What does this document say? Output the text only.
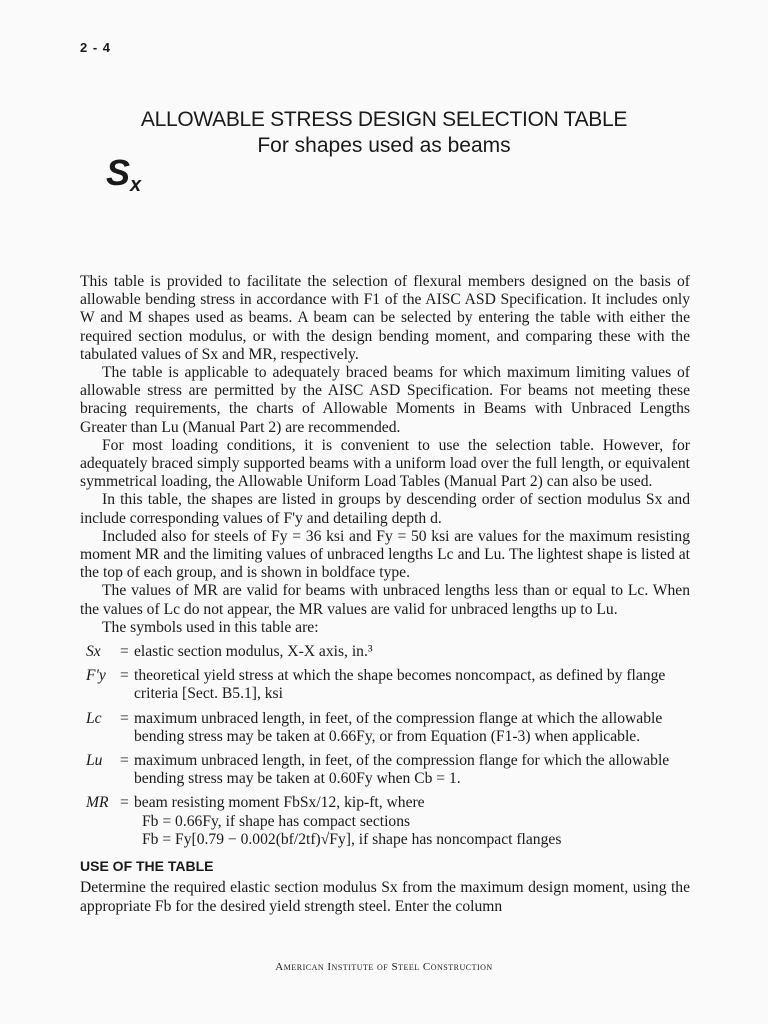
2 - 4
ALLOWABLE STRESS DESIGN SELECTION TABLE
For shapes used as beams
$S_x$

This table is provided to facilitate the selection of flexural members designed on the basis of allowable bending stress in accordance with F1 of the AISC ASD Specification. It includes only W and M shapes used as beams. A beam can be selected by entering the table with either the required section modulus, or with the design bending moment, and comparing these with the tabulated values of Sx and MR, respectively.

The table is applicable to adequately braced beams for which maximum limiting values of allowable stress are permitted by the AISC ASD Specification. For beams not meeting these bracing requirements, the charts of Allowable Moments in Beams with Unbraced Lengths Greater than Lu (Manual Part 2) are recommended.

For most loading conditions, it is convenient to use the selection table. However, for adequately braced simply supported beams with a uniform load over the full length, or equivalent symmetrical loading, the Allowable Uniform Load Tables (Manual Part 2) can also be used.

In this table, the shapes are listed in groups by descending order of section modulus Sx and include corresponding values of F'y and detailing depth d.

Included also for steels of Fy = 36 ksi and Fy = 50 ksi are values for the maximum resisting moment MR and the limiting values of unbraced lengths Lc and Lu. The lightest shape is listed at the top of each group, and is shown in boldface type.

The values of MR are valid for beams with unbraced lengths less than or equal to Lc. When the values of Lc do not appear, the MR values are valid for unbraced lengths up to Lu.

The symbols used in this table are:

Sx	= elastic section modulus, X-X axis, in.³
F'y = theoretical yield stress at which the shape becomes noncompact, as defined by flange criteria [Sect. B5.1], ksi
Lc	= maximum unbraced length, in feet, of the compression flange at which the allowable bending stress may be taken at 0.66Fy, or from Equation (F1-3) when applicable.
Lu	= maximum unbraced length, in feet, of the compression flange for which the allowable bending stress may be taken at 0.60Fy when Cb = 1.
MR = beam resisting moment FbSx/12, kip-ft, where
Fb = 0.66Fy, if shape has compact sections
Fb = Fy[0.79 − 0.002(bf/2tf)√Fy], if shape has noncompact flanges
USE OF THE TABLE

Determine the required elastic section modulus Sx from the maximum design moment, using the appropriate Fb for the desired yield strength steel. Enter the column

American Institute of Steel Construction
